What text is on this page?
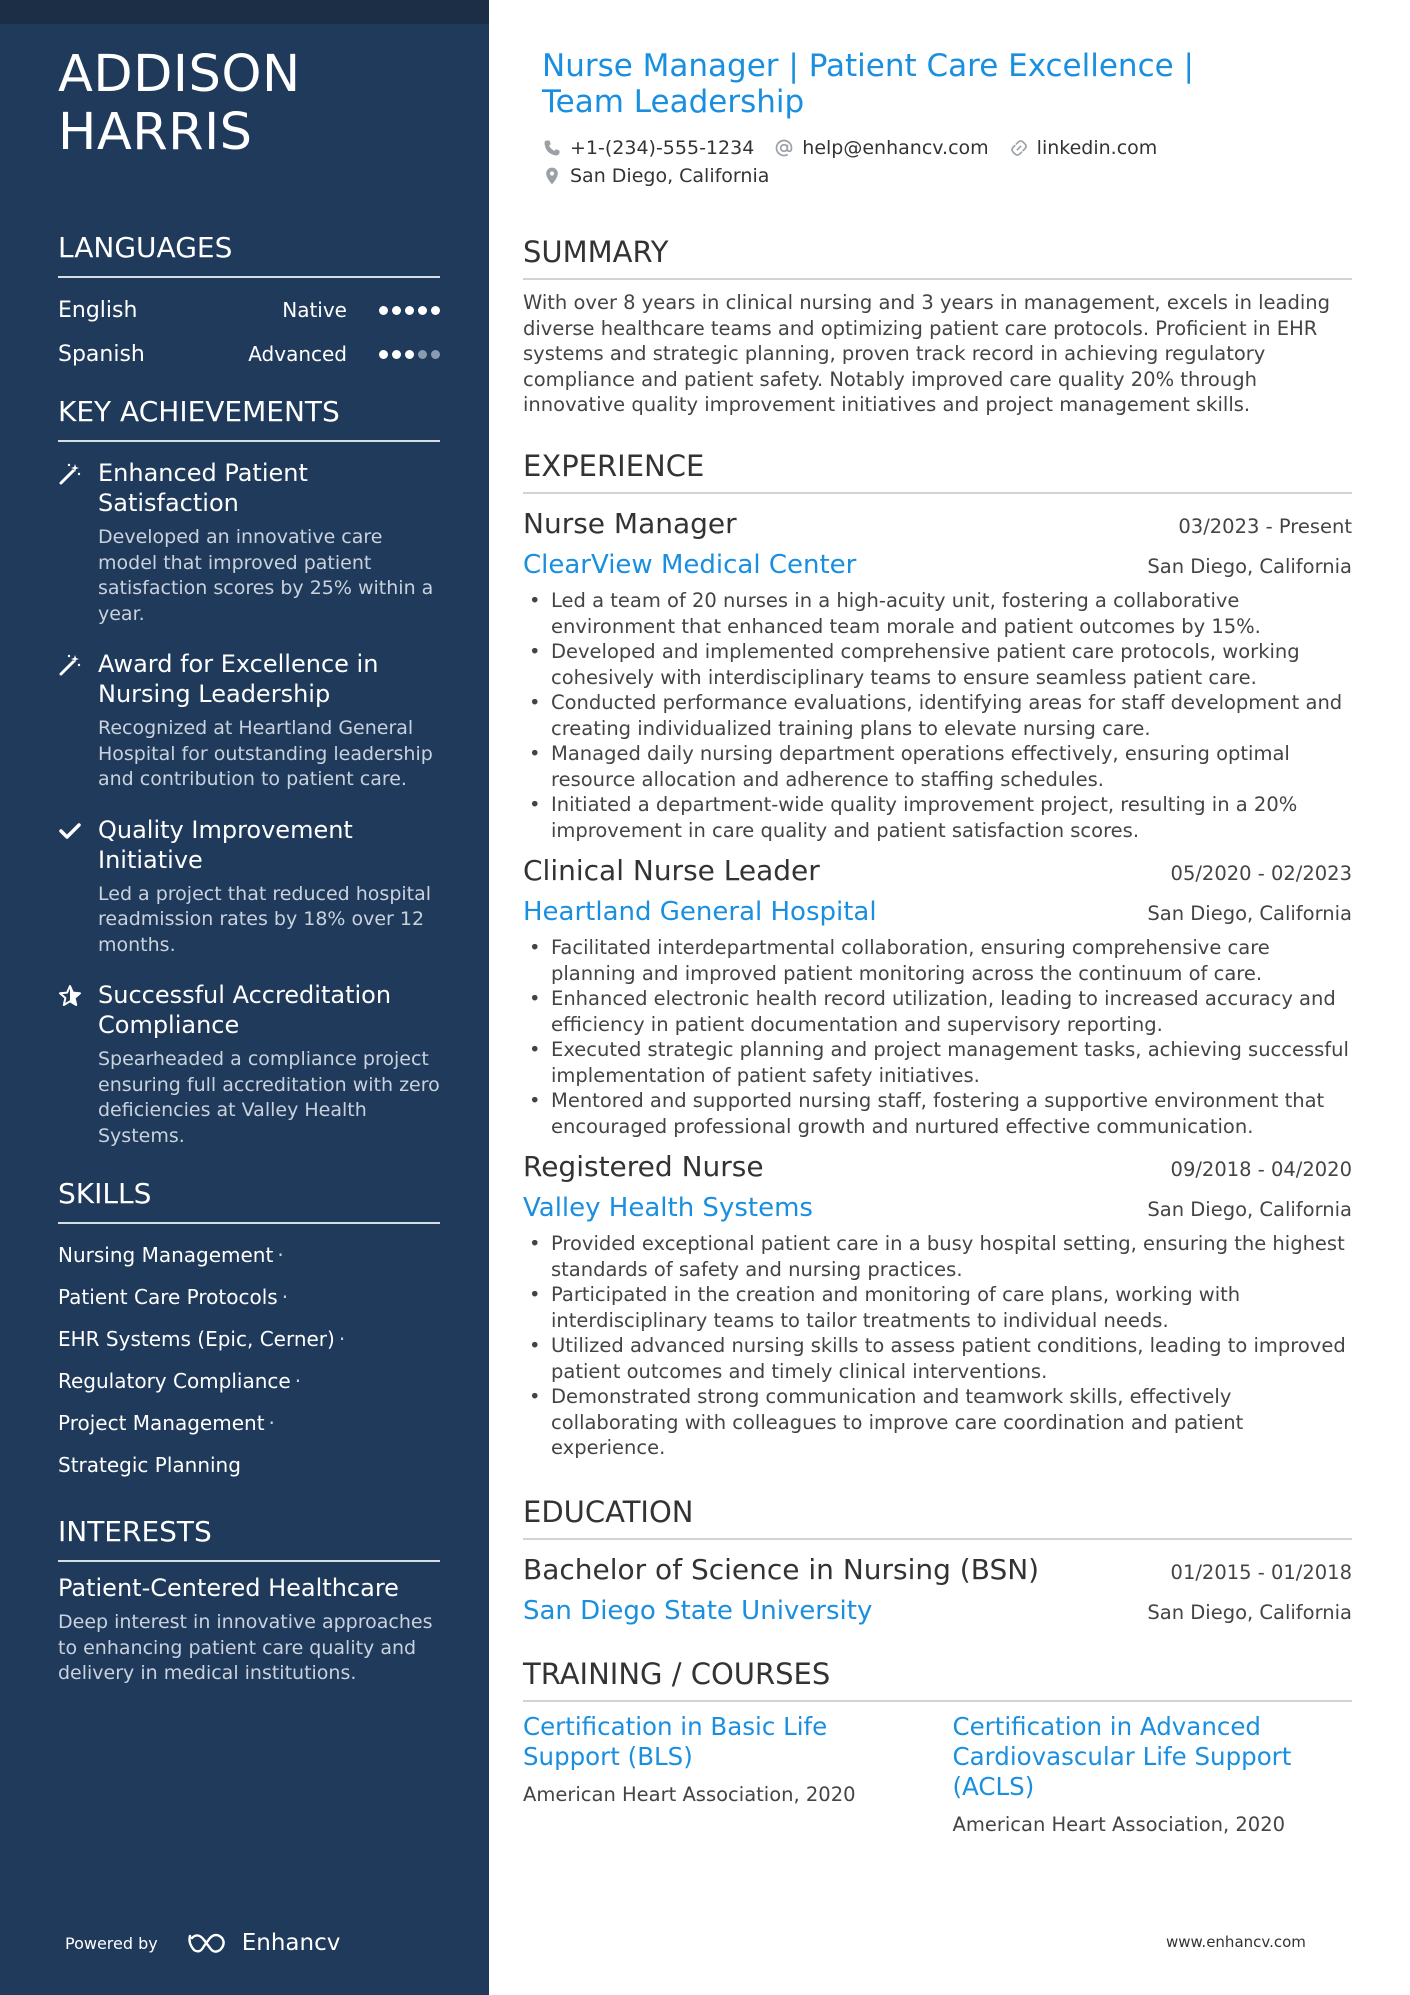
ADDISON
HARRIS
LANGUAGES
English	Native
Spanish	Advanced
KEY ACHIEVEMENTS
Enhanced Patient Satisfaction
Developed an innovative care model that improved patient satisfaction scores by 25% within a year.
Award for Excellence in Nursing Leadership
Recognized at Heartland General Hospital for outstanding leadership and contribution to patient care.
Quality Improvement Initiative
Led a project that reduced hospital readmission rates by 18% over 12 months.
Successful Accreditation Compliance
Spearheaded a compliance project ensuring full accreditation with zero deficiencies at Valley Health Systems.
SKILLS
Nursing Management ·
Patient Care Protocols ·
EHR Systems (Epic, Cerner) ·
Regulatory Compliance ·
Project Management ·
Strategic Planning
INTERESTS
Patient-Centered Healthcare
Deep interest in innovative approaches to enhancing patient care quality and delivery in medical institutions.
Powered by	Enhancv
Nurse Manager | Patient Care Excellence | Team Leadership
+1-(234)-555-1234	help@enhancv.com	linkedin.com
San Diego, California
SUMMARY
With over 8 years in clinical nursing and 3 years in management, excels in leading diverse healthcare teams and optimizing patient care protocols. Proficient in EHR systems and strategic planning, proven track record in achieving regulatory compliance and patient safety. Notably improved care quality 20% through innovative quality improvement initiatives and project management skills.
EXPERIENCE
Nurse Manager	03/2023 - Present
ClearView Medical Center	San Diego, California
• Led a team of 20 nurses in a high-acuity unit, fostering a collaborative environment that enhanced team morale and patient outcomes by 15%.
• Developed and implemented comprehensive patient care protocols, working cohesively with interdisciplinary teams to ensure seamless patient care.
• Conducted performance evaluations, identifying areas for staff development and creating individualized training plans to elevate nursing care.
• Managed daily nursing department operations effectively, ensuring optimal resource allocation and adherence to staffing schedules.
• Initiated a department-wide quality improvement project, resulting in a 20% improvement in care quality and patient satisfaction scores.
Clinical Nurse Leader	05/2020 - 02/2023
Heartland General Hospital	San Diego, California
• Facilitated interdepartmental collaboration, ensuring comprehensive care planning and improved patient monitoring across the continuum of care.
• Enhanced electronic health record utilization, leading to increased accuracy and efficiency in patient documentation and supervisory reporting.
• Executed strategic planning and project management tasks, achieving successful implementation of patient safety initiatives.
• Mentored and supported nursing staff, fostering a supportive environment that encouraged professional growth and nurtured effective communication.
Registered Nurse	09/2018 - 04/2020
Valley Health Systems	San Diego, California
• Provided exceptional patient care in a busy hospital setting, ensuring the highest standards of safety and nursing practices.
• Participated in the creation and monitoring of care plans, working with interdisciplinary teams to tailor treatments to individual needs.
• Utilized advanced nursing skills to assess patient conditions, leading to improved patient outcomes and timely clinical interventions.
• Demonstrated strong communication and teamwork skills, effectively collaborating with colleagues to improve care coordination and patient experience.
EDUCATION
Bachelor of Science in Nursing (BSN)	01/2015 - 01/2018
San Diego State University	San Diego, California
TRAINING / COURSES
Certification in Basic Life Support (BLS)
American Heart Association, 2020
Certification in Advanced Cardiovascular Life Support (ACLS)
American Heart Association, 2020
www.enhancv.com
